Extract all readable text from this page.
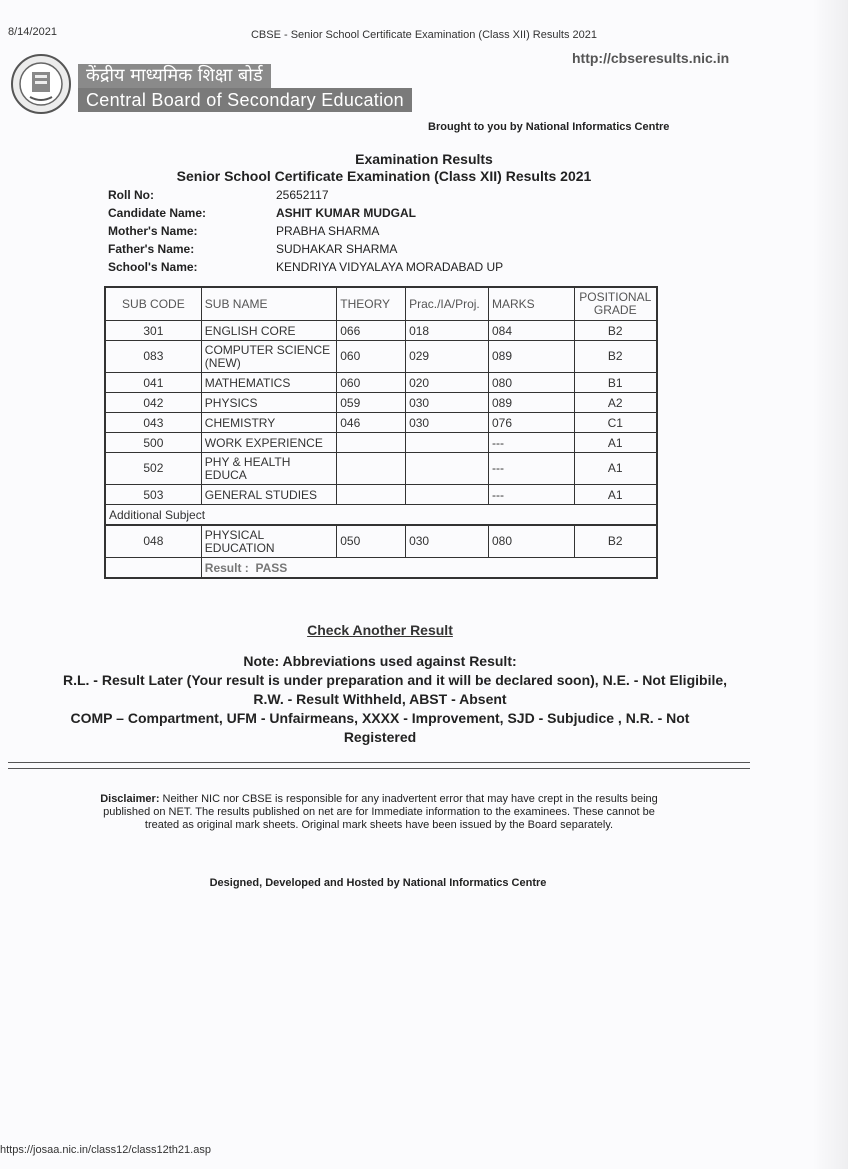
8/14/2021	CBSE - Senior School Certificate Examination (Class XII) Results 2021
http://cbseresults.nic.in
केंद्रीय माध्यमिक शिक्षा बोर्ड
Central Board of Secondary Education
Brought to you by National Informatics Centre
Examination Results
Senior School Certificate Examination (Class XII) Results 2021
Roll No:	25652117
Candidate Name:	ASHIT KUMAR MUDGAL
Mother's Name:	PRABHA SHARMA
Father's Name:	SUDHAKAR SHARMA
School's Name:	KENDRIYA VIDYALAYA MORADABAD UP
SUB CODE	SUB NAME	THEORY	Prac./IA/Proj.	MARKS	POSITIONAL GRADE
301	ENGLISH CORE	066	018	084	B2
083	COMPUTER SCIENCE (NEW)	060	029	089	B2
041	MATHEMATICS	060	020	080	B1
042	PHYSICS	059	030	089	A2
043	CHEMISTRY	046	030	076	C1
500	WORK EXPERIENCE			---	A1
502	PHY & HEALTH EDUCA			---	A1
503	GENERAL STUDIES			---	A1
Additional Subject					
048	PHYSICAL EDUCATION	050	030	080	B2
	Result :  PASS				
Check Another Result
Note: Abbreviations used against Result:
R.L. - Result Later (Your result is under preparation and it will be declared soon), N.E. - Not Eligibile,
R.W. - Result Withheld, ABST - Absent
COMP – Compartment, UFM - Unfairmeans, XXXX - Improvement, SJD - Subjudice , N.R. - Not
Registered
Disclaimer: Neither NIC nor CBSE is responsible for any inadvertent error that may have crept in the results being published on NET. The results published on net are for Immediate information to the examinees. These cannot be treated as original mark sheets. Original mark sheets have been issued by the Board separately.
Designed, Developed and Hosted by National Informatics Centre
https://josaa.nic.in/class12/class12th21.asp
